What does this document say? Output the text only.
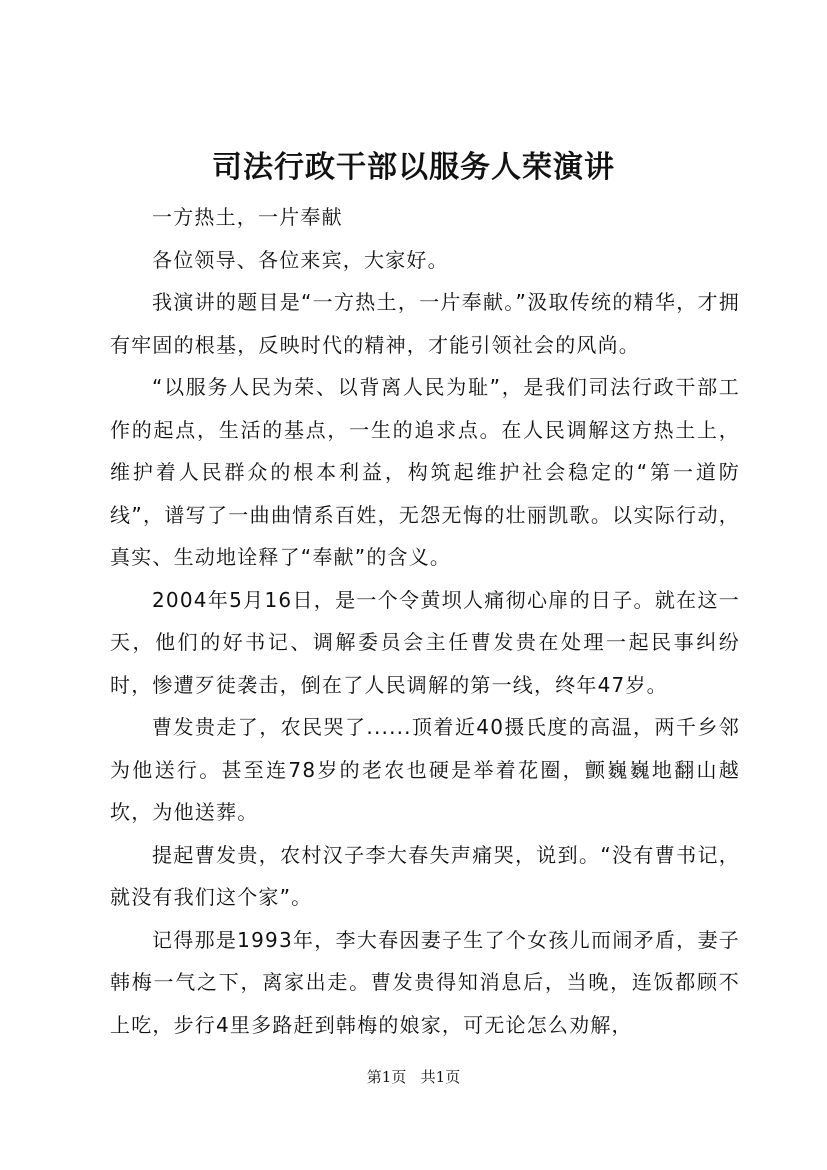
司法行政干部以服务人荣演讲

一方热土，一片奉献

各位领导、各位来宾，大家好。

我演讲的题目是“一方热土，一片奉献。”汲取传统的精华，才拥有牢固的根基，反映时代的精神，才能引领社会的风尚。

“以服务人民为荣、以背离人民为耻”，是我们司法行政干部工作的起点，生活的基点，一生的追求点。在人民调解这方热土上，维护着人民群众的根本利益，构筑起维护社会稳定的“第一道防线”，谱写了一曲曲情系百姓，无怨无悔的壮丽凯歌。以实际行动，真实、生动地诠释了“奉献”的含义。

2004年5月16日，是一个令黄坝人痛彻心扉的日子。就在这一天，他们的好书记、调解委员会主任曹发贵在处理一起民事纠纷时，惨遭歹徒袭击，倒在了人民调解的第一线，终年47岁。

曹发贵走了，农民哭了......顶着近40摄氏度的高温，两千乡邻为他送行。甚至连78岁的老农也硬是举着花圈，颤巍巍地翻山越坎，为他送葬。

提起曹发贵，农村汉子李大春失声痛哭，说到。“没有曹书记，就没有我们这个家”。

记得那是1993年，李大春因妻子生了个女孩儿而闹矛盾，妻子韩梅一气之下，离家出走。曹发贵得知消息后，当晚，连饭都顾不上吃，步行4里多路赶到韩梅的娘家，可无论怎么劝解，

第1页 共1页
